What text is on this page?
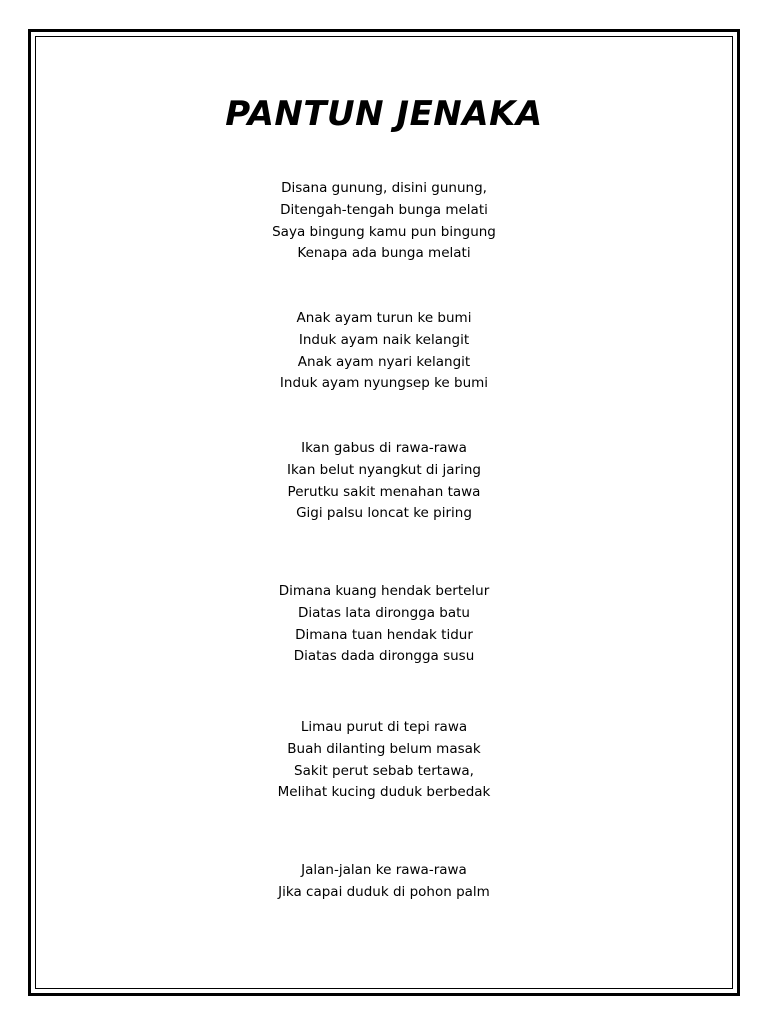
PANTUN JENAKA
Disana gunung, disini gunung,
Ditengah-tengah bunga melati
Saya bingung kamu pun bingung
Kenapa ada bunga melati
Anak ayam turun ke bumi
Induk ayam naik kelangit
Anak ayam nyari kelangit
Induk ayam nyungsep ke bumi
Ikan gabus di rawa-rawa
Ikan belut nyangkut di jaring
Perutku sakit menahan tawa
Gigi palsu loncat ke piring
Dimana kuang hendak bertelur
Diatas lata dirongga batu
Dimana tuan hendak tidur
Diatas dada dirongga susu
Limau purut di tepi rawa
Buah dilanting belum masak
Sakit perut sebab tertawa,
Melihat kucing duduk berbedak
Jalan-jalan ke rawa-rawa
Jika capai duduk di pohon palm
